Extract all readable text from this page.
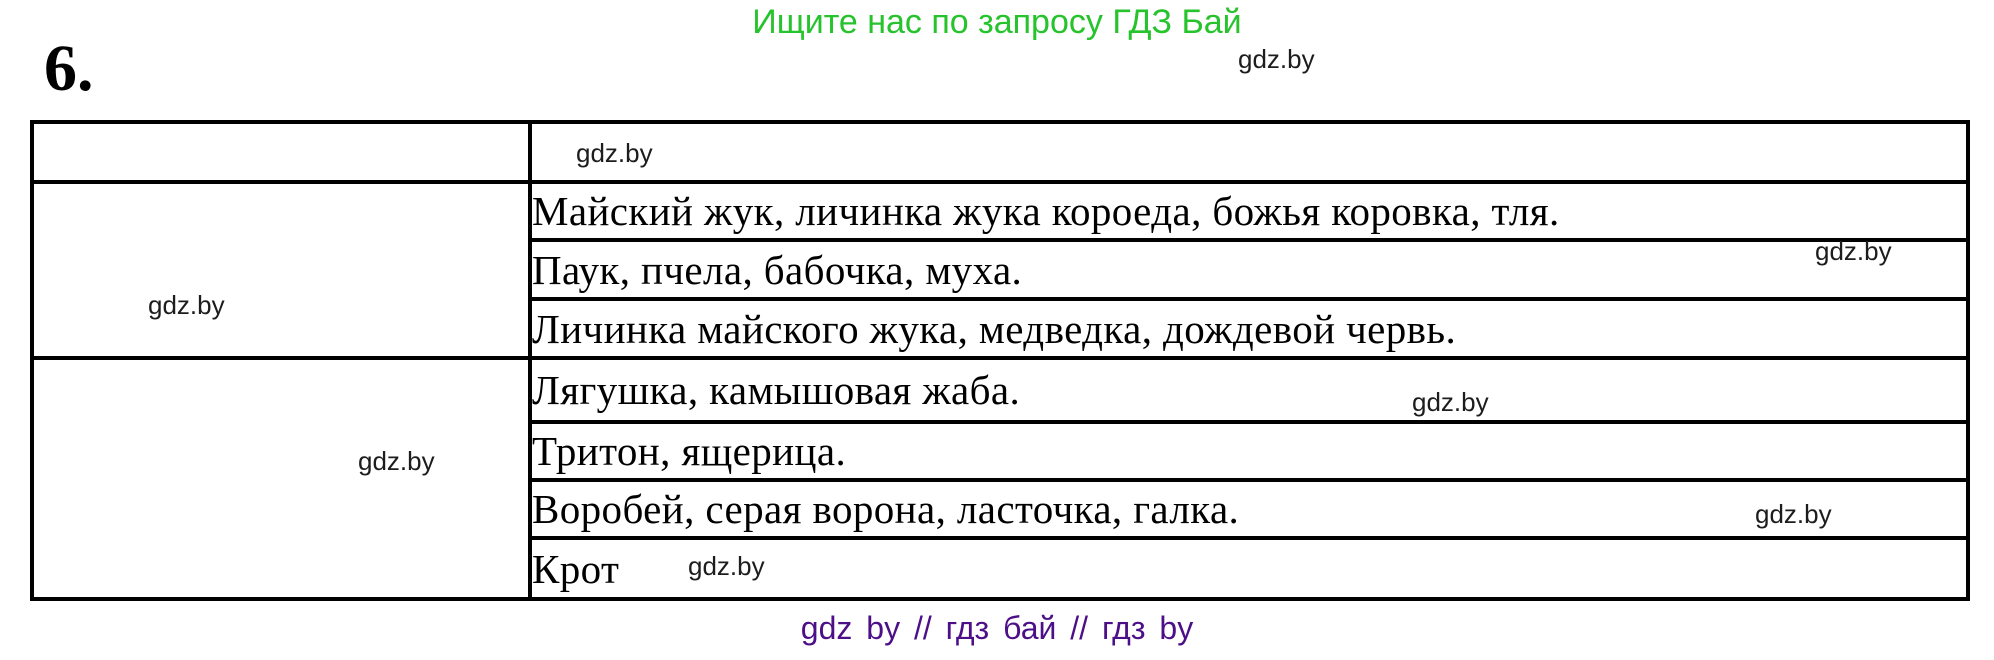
Ищите нас по запросу ГДЗ Бай
6.

	Майский жук, личинка жука короеда, божья коровка, тля.
	Паук, пчела, бабочка, муха.
	Личинка майского жука, медведка, дождевой червь.
	Лягушка, камышовая жаба.
	Тритон, ящерица.
	Воробей, серая ворона, ласточка, галка.
	Крот
gdz.by
gdz.by
gdz.by
gdz.by
gdz.by
gdz.by
gdz.by
gdz.by
gdz by // гдз бай // гдз by
